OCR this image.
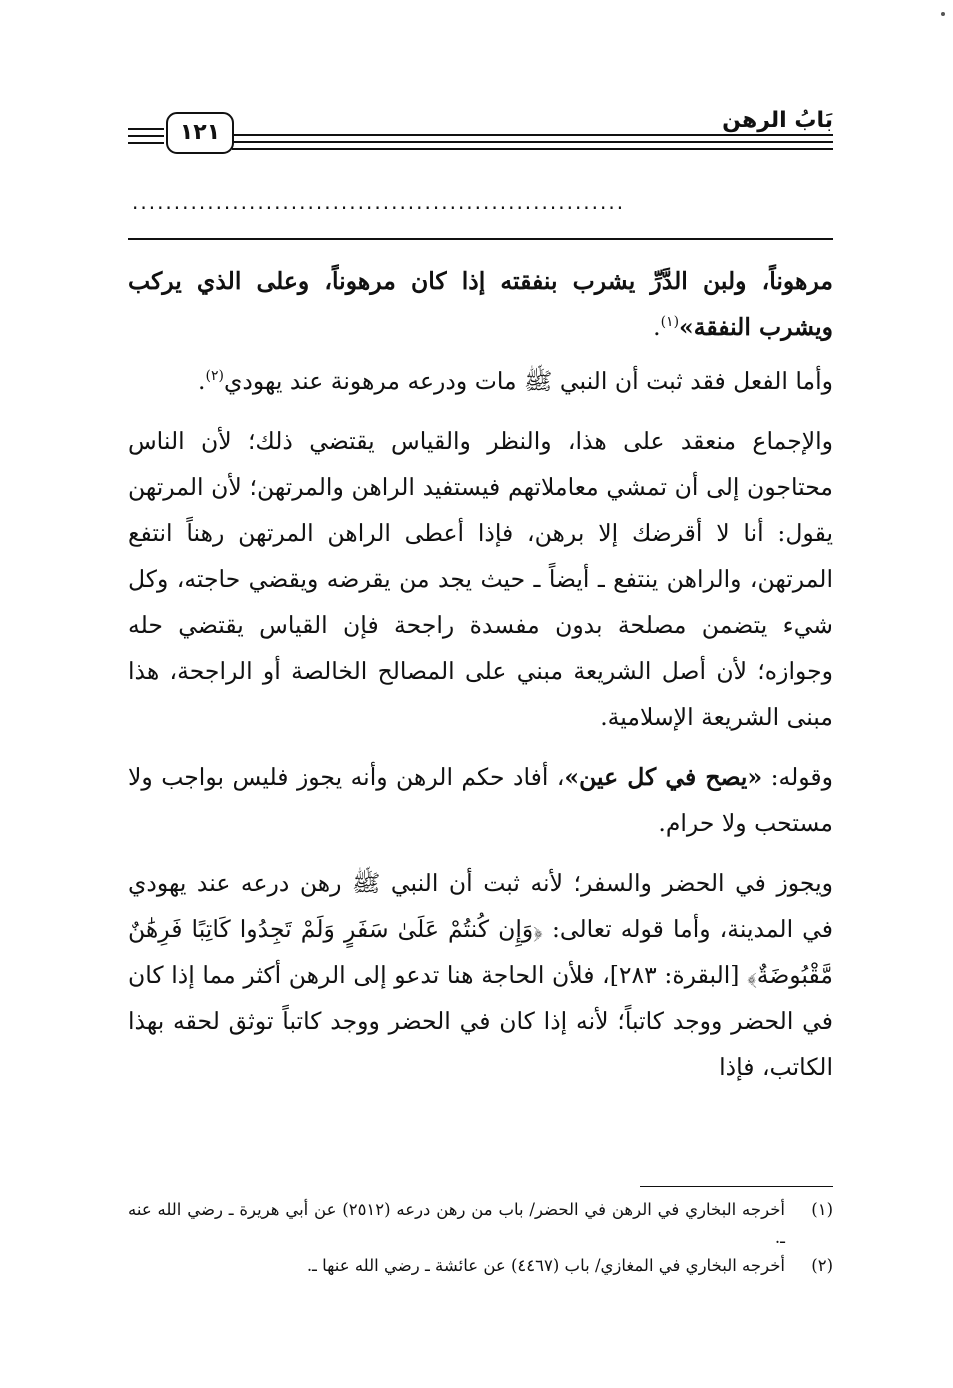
بَابُ الرهن
١٢١
...........................................................

مرهوناً، ولبن الدَّرِّ يشرب بنفقته إذا كان مرهوناً، وعلى الذي يركب ويشرب النفقة»$^{(١)}$.

وأما الفعل فقد ثبت أن النبي ﷺ مات ودرعه مرهونة عند يهودي$^{(٢)}$.

والإجماع منعقد على هذا، والنظر والقياس يقتضي ذلك؛ لأن الناس محتاجون إلى أن تمشي معاملاتهم فيستفيد الراهن والمرتهن؛ لأن المرتهن يقول: أنا لا أقرضك إلا برهن، فإذا أعطى الراهن المرتهن رهناً انتفع المرتهن، والراهن ينتفع ـ أيضاً ـ حيث يجد من يقرضه ويقضي حاجته، وكل شيء يتضمن مصلحة بدون مفسدة راجحة فإن القياس يقتضي حله وجوازه؛ لأن أصل الشريعة مبني على المصالح الخالصة أو الراجحة، هذا مبنى الشريعة الإسلامية.

وقوله: «يصح في كل عين»، أفاد حكم الرهن وأنه يجوز فليس بواجب ولا مستحب ولا حرام.

ويجوز في الحضر والسفر؛ لأنه ثبت أن النبي ﷺ رهن درعه عند يهودي في المدينة، وأما قوله تعالى: ﴿وَإِن كُنتُمْ عَلَىٰ سَفَرٍ وَلَمْ تَجِدُوا كَاتِبًا فَرِهَٰنٌ مَّقْبُوضَةٌ﴾ [البقرة: ٢٨٣]، فلأن الحاجة هنا تدعو إلى الرهن أكثر مما إذا كان في الحضر ووجد كاتباً؛ لأنه إذا كان في الحضر ووجد كاتباً توثق لحقه بهذا الكاتب، فإذا

(١)
أخرجه البخاري في الرهن في الحضر/ باب من رهن درعه (٢٥١٢) عن أبي هريرة ـ رضي الله عنه ـ.
(٢)
أخرجه البخاري في المغازي/ باب (٤٤٦٧) عن عائشة ـ رضي الله عنها ـ.
